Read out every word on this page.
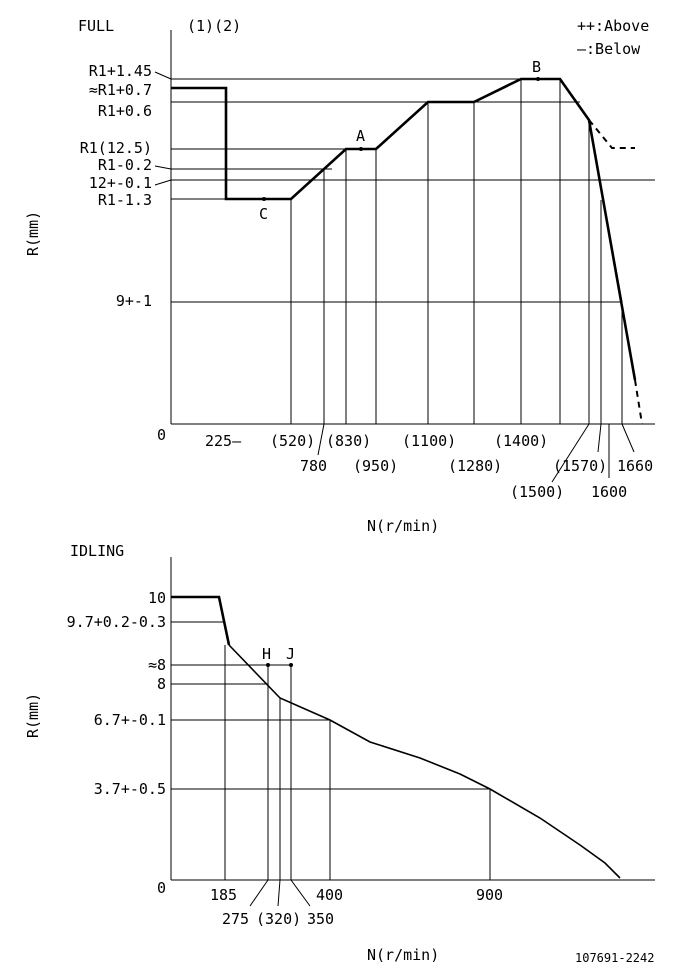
FULL	(1)(2)	++:Above
—:Below
A
B
C
R1+1.45
≈R1+0.7
R1+0.6
R1(12.5)
R1-0.2
12+-0.1
R1-1.3
9+-1
0
R(mm)
N(r/min)
225— (520) (830)
780 (950)
(1100)
(1280)
(1400)
(1500)
(1570)
1600
1660
IDLING
H J
10
9.7+0.2-0.3
≈8
8
6.7+-0.1
3.7+-0.5
0
R(mm)
N(r/min)
185	400	900
275 (320) 350
107691-2242
